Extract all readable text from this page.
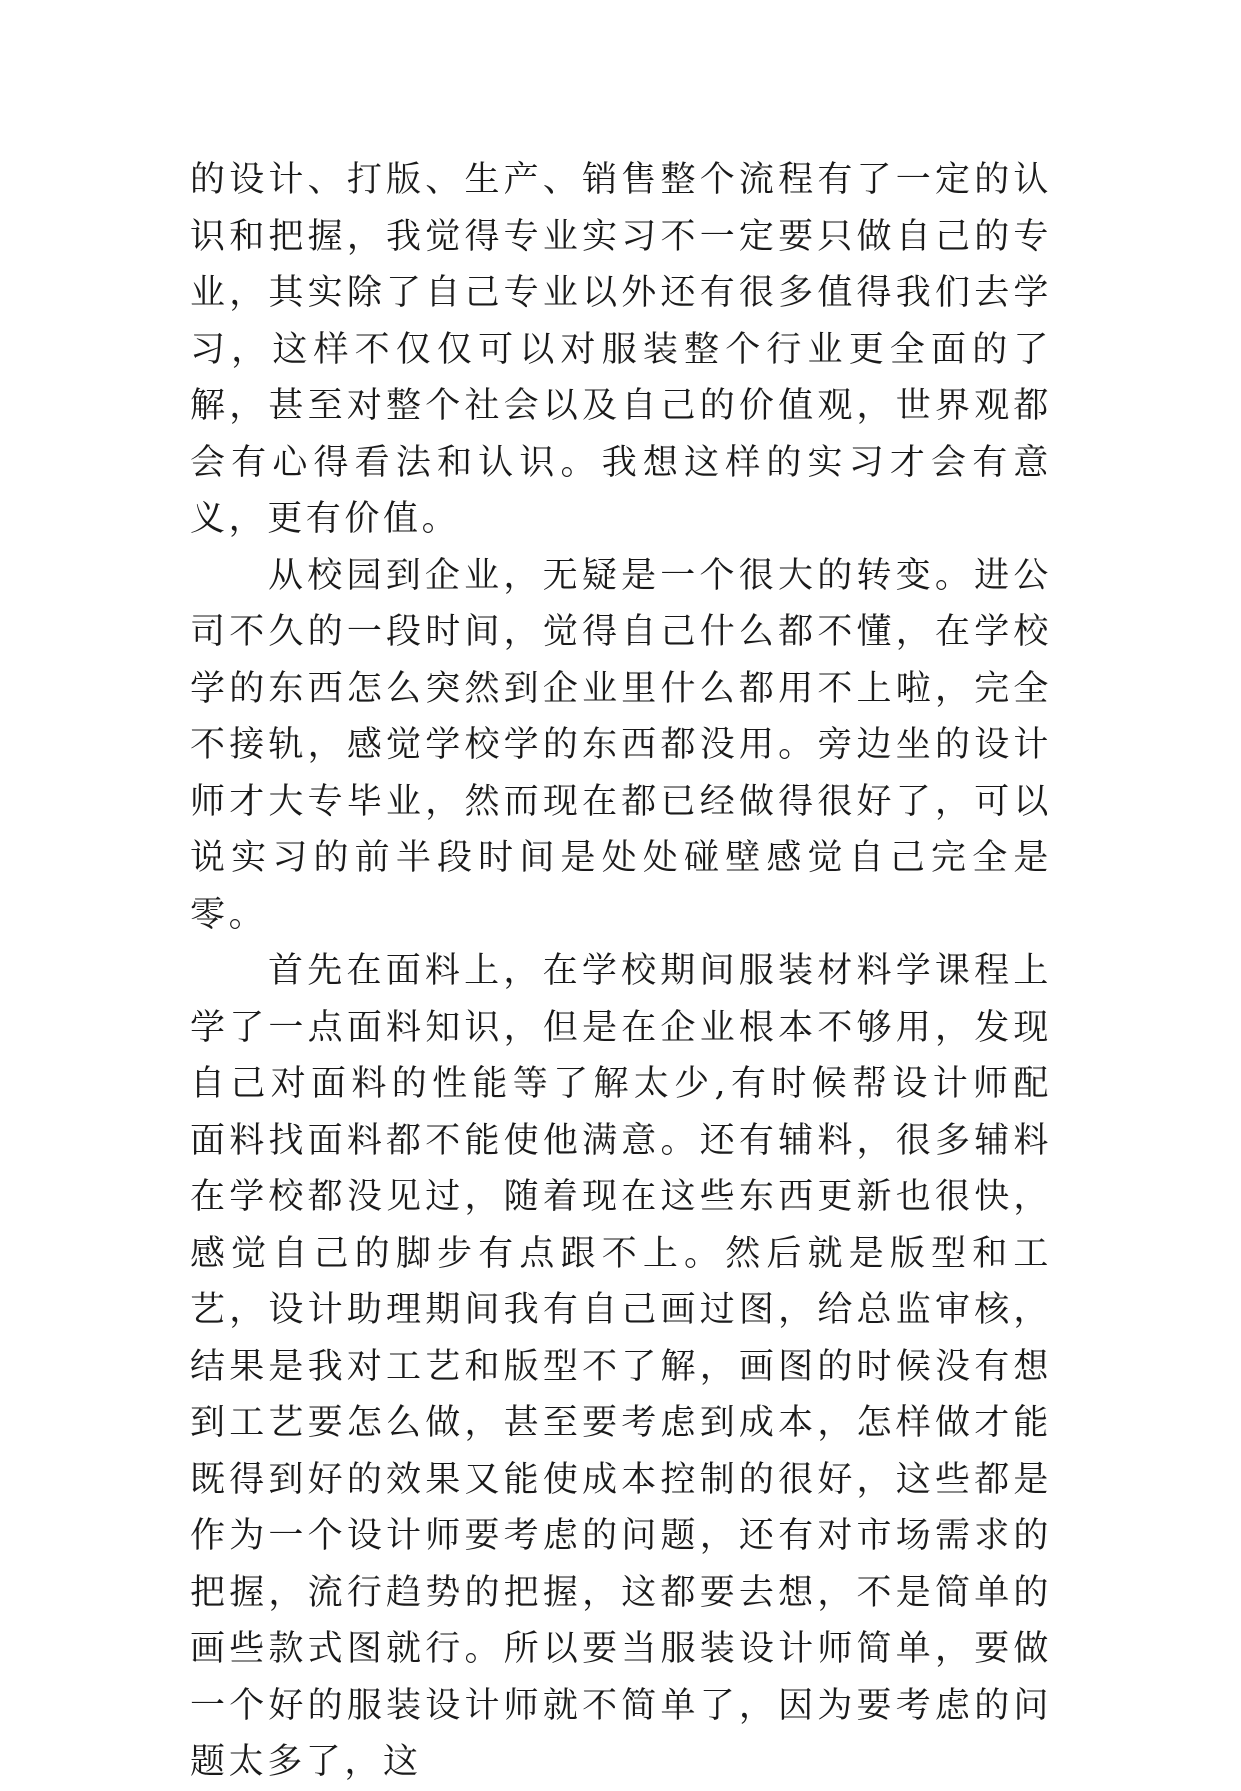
的设计、打版、生产、销售整个流程有了一定的认识和把握，我觉得专业实习不一定要只做自己的专业，其实除了自己专业以外还有很多值得我们去学习，这样不仅仅可以对服装整个行业更全面的了解，甚至对整个社会以及自己的价值观，世界观都会有心得看法和认识。我想这样的实习才会有意义，更有价值。

从校园到企业，无疑是一个很大的转变。进公司不久的一段时间，觉得自己什么都不懂，在学校学的东西怎么突然到企业里什么都用不上啦，完全不接轨，感觉学校学的东西都没用。旁边坐的设计师才大专毕业，然而现在都已经做得很好了，可以说实习的前半段时间是处处碰壁感觉自己完全是零。

首先在面料上，在学校期间服装材料学课程上学了一点面料知识，但是在企业根本不够用，发现自己对面料的性能等了解太少,有时候帮设计师配面料找面料都不能使他满意。还有辅料，很多辅料在学校都没见过，随着现在这些东西更新也很快，感觉自己的脚步有点跟不上。然后就是版型和工艺，设计助理期间我有自己画过图，给总监审核，结果是我对工艺和版型不了解，画图的时候没有想到工艺要怎么做，甚至要考虑到成本，怎样做才能既得到好的效果又能使成本控制的很好，这些都是作为一个设计师要考虑的问题，还有对市场需求的把握，流行趋势的把握，这都要去想，不是简单的画些款式图就行。所以要当服装设计师简单，要做一个好的服装设计师就不简单了，因为要考虑的问题太多了，这
